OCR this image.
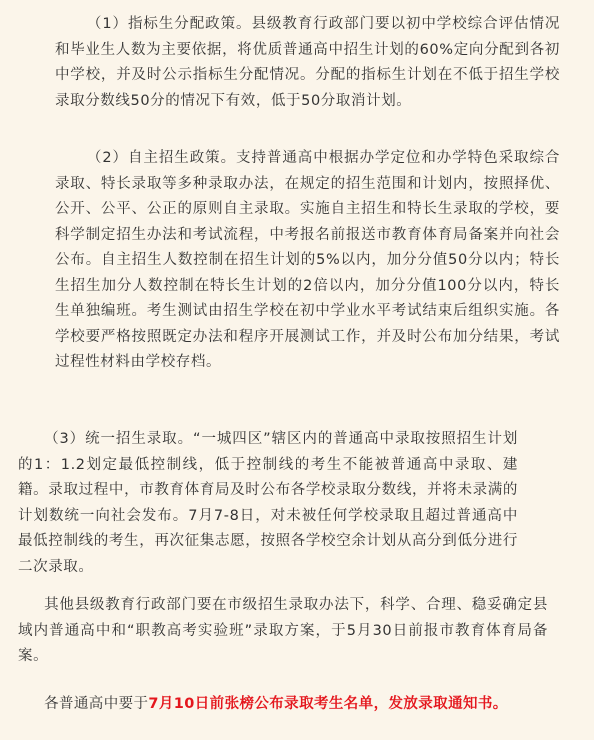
（1）指标生分配政策。县级教育行政部门要以初中学校综合评估情况和毕业生人数为主要依据，将优质普通高中招生计划的60%定向分配到各初中学校，并及时公示指标生分配情况。分配的指标生计划在不低于招生学校录取分数线50分的情况下有效，低于50分取消计划。

（2）自主招生政策。支持普通高中根据办学定位和办学特色采取综合录取、特长录取等多种录取办法，在规定的招生范围和计划内，按照择优、公开、公平、公正的原则自主录取。实施自主招生和特长生录取的学校，要科学制定招生办法和考试流程，中考报名前报送市教育体育局备案并向社会公布。自主招生人数控制在招生计划的5%以内，加分分值50分以内；特长生招生加分人数控制在特长生计划的2倍以内，加分分值100分以内，特长生单独编班。考生测试由招生学校在初中学业水平考试结束后组织实施。各学校要严格按照既定办法和程序开展测试工作，并及时公布加分结果，考试过程性材料由学校存档。

（3）统一招生录取。“一城四区”辖区内的普通高中录取按照招生计划的1：1.2划定最低控制线，低于控制线的考生不能被普通高中录取、建籍。录取过程中，市教育体育局及时公布各学校录取分数线，并将未录满的计划数统一向社会发布。7月7-8日，对未被任何学校录取且超过普通高中最低控制线的考生，再次征集志愿，按照各学校空余计划从高分到低分进行二次录取。

其他县级教育行政部门要在市级招生录取办法下，科学、合理、稳妥确定县域内普通高中和“职教高考实验班”录取方案，于5月30日前报市教育体育局备案。

各普通高中要于7月10日前张榜公布录取考生名单，发放录取通知书。
